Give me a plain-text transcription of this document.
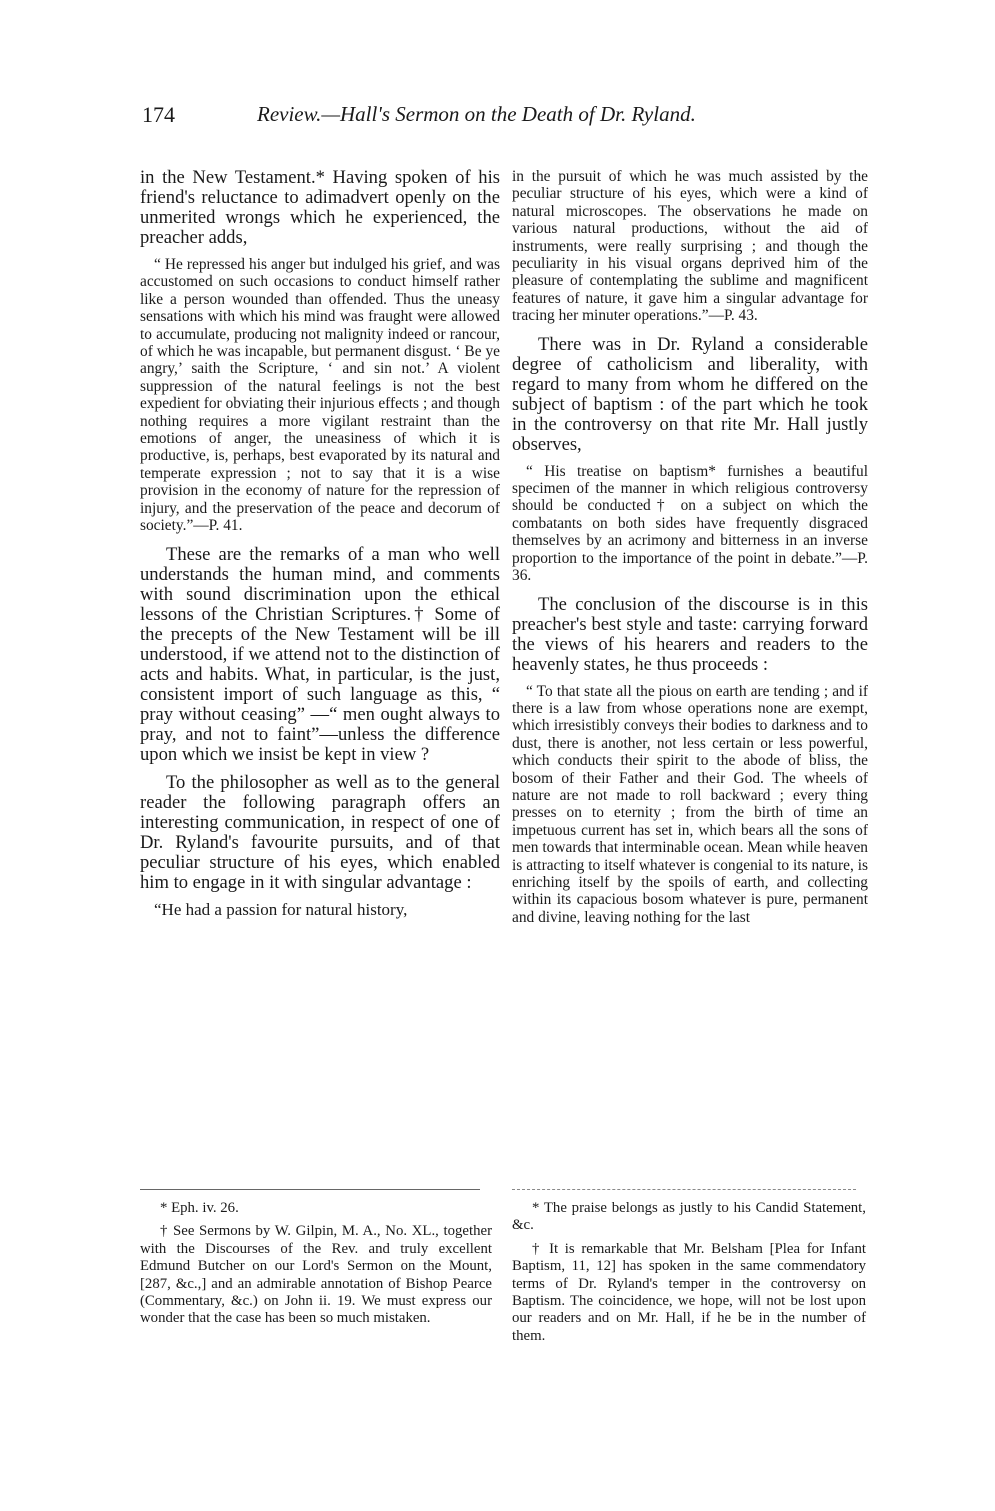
174	Review.—Hall's Sermon on the Death of Dr. Ryland.

in the New Testament.* Having spoken of his friend's reluctance to adimadvert openly on the unmerited wrongs which he experienced, the preacher adds,

“ He repressed his anger but indulged his grief, and was accustomed on such occasions to conduct himself rather like a person wounded than offended. Thus the uneasy sensations with which his mind was fraught were allowed to accumulate, producing not malignity indeed or rancour, of which he was incapable, but permanent disgust. ‘ Be ye angry,’ saith the Scripture, ‘ and sin not.’ A violent suppression of the natural feelings is not the best expedient for obviating their injurious effects ; and though nothing requires a more vigilant restraint than the emotions of anger, the uneasiness of which it is productive, is, perhaps, best evaporated by its natural and temperate expression ; not to say that it is a wise provision in the economy of nature for the repression of injury, and the preservation of the peace and decorum of society.”—P. 41.

These are the remarks of a man who well understands the human mind, and comments with sound discrimination upon the ethical lessons of the Christian Scriptures.† Some of the precepts of the New Testament will be ill understood, if we attend not to the distinction of acts and habits. What, in particular, is the just, consistent import of such language as this, “ pray without ceasing” —“ men ought always to pray, and not to faint”—unless the difference upon which we insist be kept in view ?

To the philosopher as well as to the general reader the following paragraph offers an interesting communication, in respect of one of Dr. Ryland's favourite pursuits, and of that peculiar structure of his eyes, which enabled him to engage in it with singular advantage :

“He had a passion for natural history,

in the pursuit of which he was much assisted by the peculiar structure of his eyes, which were a kind of natural microscopes. The observations he made on various natural productions, without the aid of instruments, were really surprising ; and though the peculiarity in his visual organs deprived him of the pleasure of contemplating the sublime and magnificent features of nature, it gave him a singular advantage for tracing her minuter operations.”—P. 43.

There was in Dr. Ryland a considerable degree of catholicism and liberality, with regard to many from whom he differed on the subject of baptism : of the part which he took in the controversy on that rite Mr. Hall justly observes,

“ His treatise on baptism* furnishes a beautiful specimen of the manner in which religious controversy should be conducted† on a subject on which the combatants on both sides have frequently disgraced themselves by an acrimony and bitterness in an inverse proportion to the importance of the point in debate.”—P. 36.

The conclusion of the discourse is in this preacher's best style and taste: carrying forward the views of his hearers and readers to the heavenly states, he thus proceeds :

“ To that state all the pious on earth are tending ; and if there is a law from whose operations none are exempt, which irresistibly conveys their bodies to darkness and to dust, there is another, not less certain or less powerful, which conducts their spirit to the abode of bliss, the bosom of their Father and their God. The wheels of nature are not made to roll backward ; every thing presses on to eternity ; from the birth of time an impetuous current has set in, which bears all the sons of men towards that interminable ocean. Mean while heaven is attracting to itself whatever is congenial to its nature, is enriching itself by the spoils of earth, and collecting within its capacious bosom whatever is pure, permanent and divine, leaving nothing for the last

* Eph. iv. 26.

† See Sermons by W. Gilpin, M. A., No. XL., together with the Discourses of the Rev. and truly excellent Edmund Butcher on our Lord's Sermon on the Mount, [287, &c.,] and an admirable annotation of Bishop Pearce (Commentary, &c.) on John ii. 19. We must express our wonder that the case has been so much mistaken.

* The praise belongs as justly to his Candid Statement, &c.

† It is remarkable that Mr. Belsham [Plea for Infant Baptism, 11, 12] has spoken in the same commendatory terms of Dr. Ryland's temper in the controversy on Baptism. The coincidence, we hope, will not be lost upon our readers and on Mr. Hall, if he be in the number of them.
